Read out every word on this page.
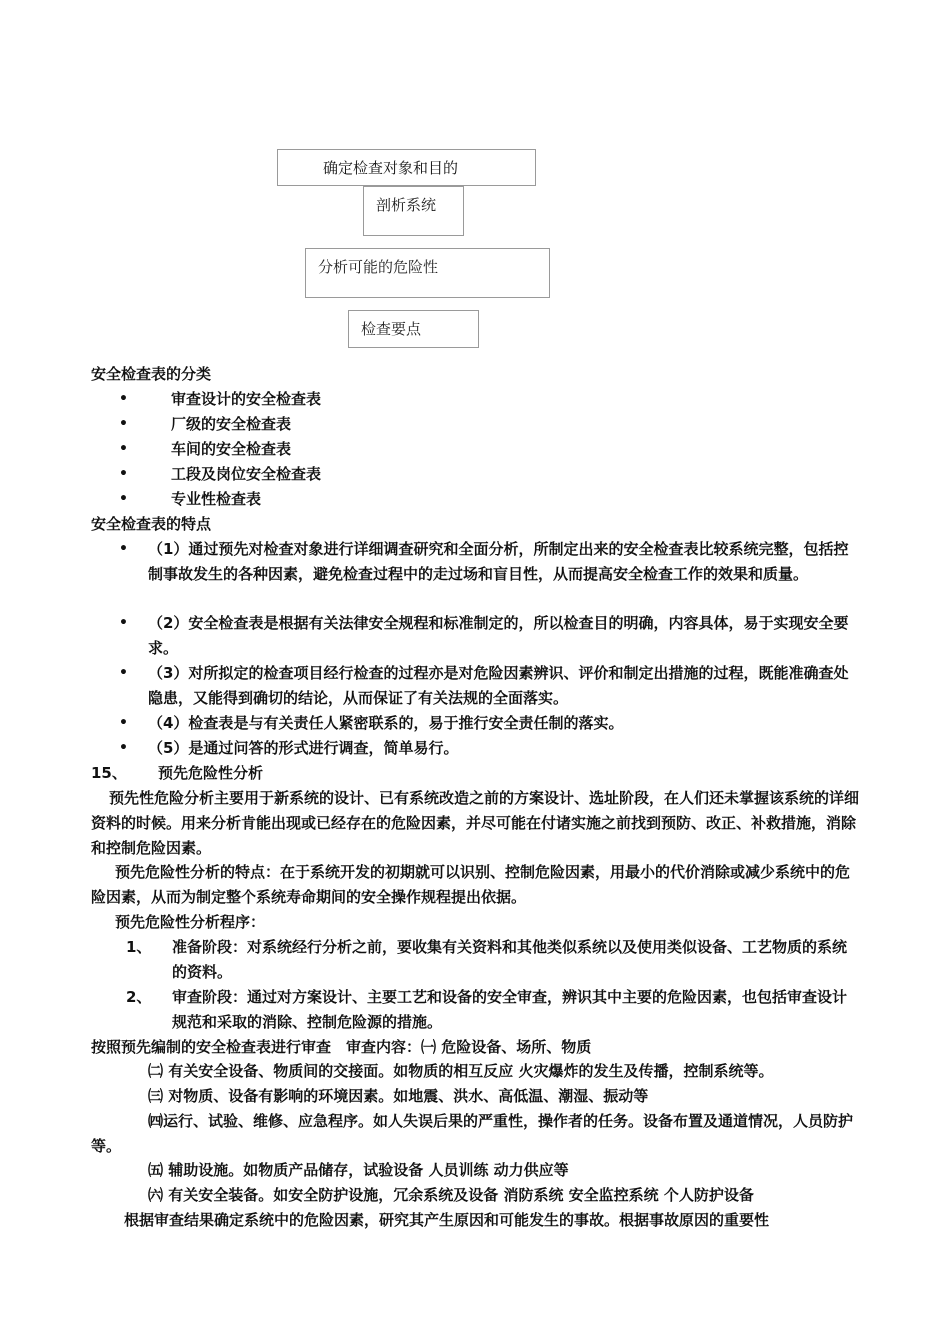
确定检查对象和目的
剖析系统
分析可能的危险性
检查要点
安全检查表的分类
•	审查设计的安全检查表
•	厂级的安全检查表
•	车间的安全检查表
•	工段及岗位安全检查表
•	专业性检查表
安全检查表的特点
• （1）通过预先对检查对象进行详细调查研究和全面分析，所制定出来的安全检查表比较系统完整，包括控制事故发生的各种因素，避免检查过程中的走过场和盲目性，从而提高安全检查工作的效果和质量。
• （2）安全检查表是根据有关法律安全规程和标准制定的，所以检查目的明确，内容具体，易于实现安全要求。
• （3）对所拟定的检查项目经行检查的过程亦是对危险因素辨识、评价和制定出措施的过程，既能准确查处隐患，又能得到确切的结论，从而保证了有关法规的全面落实。
• （4）检查表是与有关责任人紧密联系的，易于推行安全责任制的落实。
• （5）是通过问答的形式进行调查，简单易行。
15、 预先危险性分析
预先性危险分析主要用于新系统的设计、已有系统改造之前的方案设计、选址阶段，在人们还未掌握该系统的详细资料的时候。用来分析肯能出现或已经存在的危险因素，并尽可能在付诸实施之前找到预防、改正、补救措施，消除和控制危险因素。
预先危险性分析的特点：在于系统开发的初期就可以识别、控制危险因素，用最小的代价消除或减少系统中的危险因素，从而为制定整个系统寿命期间的安全操作规程提出依据。
预先危险性分析程序：
1、 准备阶段：对系统经行分析之前，要收集有关资料和其他类似系统以及使用类似设备、工艺物质的系统的资料。
2、 审查阶段：通过对方案设计、主要工艺和设备的安全审查，辨识其中主要的危险因素，也包括审查设计规范和采取的消除、控制危险源的措施。
按照预先编制的安全检查表进行审查　审查内容：㈠ 危险设备、场所、物质
㈡ 有关安全设备、物质间的交接面。如物质的相互反应 火灾爆炸的发生及传播，控制系统等。
㈢ 对物质、设备有影响的环境因素。如地震、洪水、高低温、潮湿、振动等
㈣运行、试验、维修、应急程序。如人失误后果的严重性，操作者的任务。设备布置及通道情况，人员防护等。
㈤ 辅助设施。如物质产品储存，试验设备 人员训练 动力供应等
㈥ 有关安全装备。如安全防护设施，冗余系统及设备 消防系统 安全监控系统 个人防护设备
根据审查结果确定系统中的危险因素，研究其产生原因和可能发生的事故。根据事故原因的重要性
